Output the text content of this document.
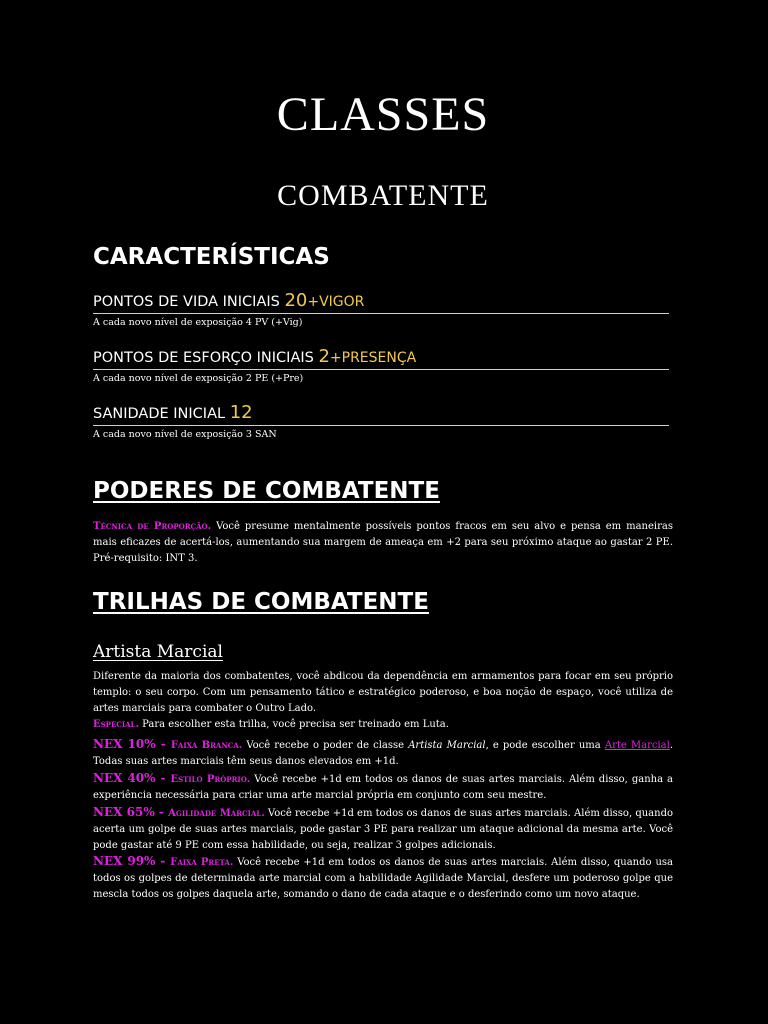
CLASSES
COMBATENTE
CARACTERÍSTICAS
PONTOS DE VIDA INICIAIS 20+VIGOR
A cada novo nível de exposição 4 PV (+Vig)
PONTOS DE ESFORÇO INICIAIS 2+PRESENÇA
A cada novo nível de exposição 2 PE (+Pre)
SANIDADE INICIAL 12
A cada novo nível de exposição 3 SAN
PODERES DE COMBATENTE

Técnica de Proporção. Você presume mentalmente possíveis pontos fracos em seu alvo e pensa em maneiras mais eficazes de acertá-los, aumentando sua margem de ameaça em +2 para seu próximo ataque ao gastar 2 PE. Pré-requisito: INT 3.

TRILHAS DE COMBATENTE
Artista Marcial

Diferente da maioria dos combatentes, você abdicou da dependência em armamentos para focar em seu próprio templo: o seu corpo. Com um pensamento tático e estratégico poderoso, e boa noção de espaço, você utiliza de artes marciais para combater o Outro Lado.

Especial. Para escolher esta trilha, você precisa ser treinado em Luta.

NEX 10% - Faixa Branca. Você recebe o poder de classe Artista Marcial, e pode escolher uma Arte Marcial. Todas suas artes marciais têm seus danos elevados em +1d.

NEX 40% - Estilo Próprio. Você recebe +1d em todos os danos de suas artes marciais. Além disso, ganha a experiência necessária para criar uma arte marcial própria em conjunto com seu mestre.

NEX 65% - Agilidade Marcial. Você recebe +1d em todos os danos de suas artes marciais. Além disso, quando acerta um golpe de suas artes marciais, pode gastar 3 PE para realizar um ataque adicional da mesma arte. Você pode gastar até 9 PE com essa habilidade, ou seja, realizar 3 golpes adicionais.

NEX 99% - Faixa Preta. Você recebe +1d em todos os danos de suas artes marciais. Além disso, quando usa todos os golpes de determinada arte marcial com a habilidade Agilidade Marcial, desfere um poderoso golpe que mescla todos os golpes daquela arte, somando o dano de cada ataque e o desferindo como um novo ataque.
